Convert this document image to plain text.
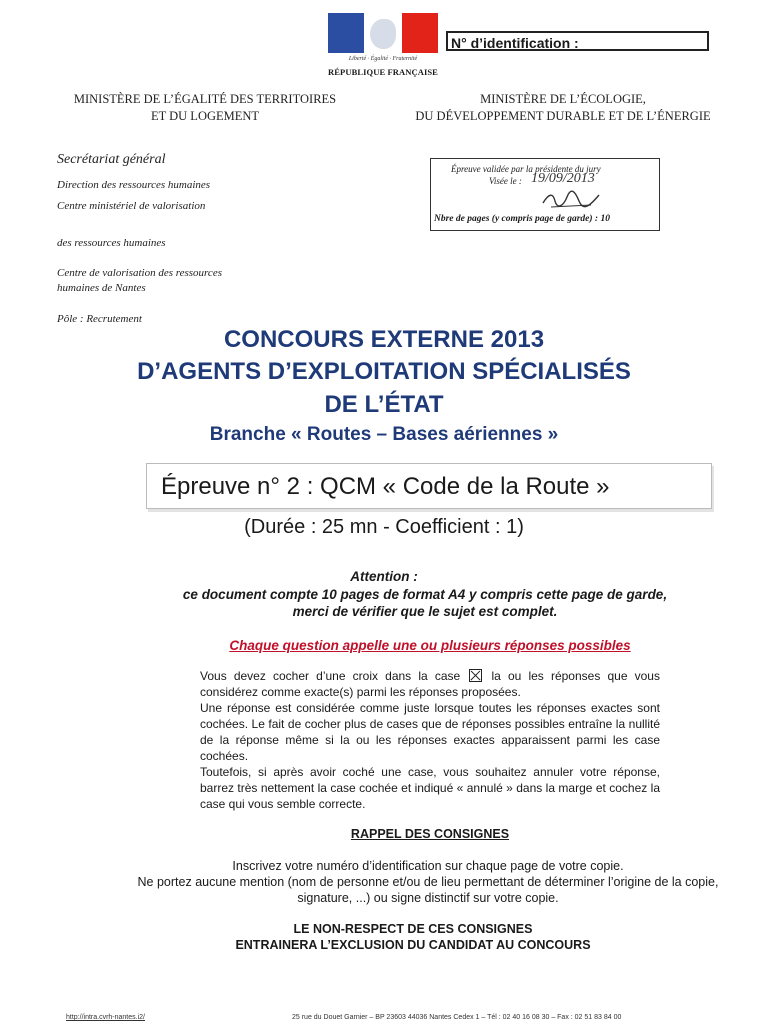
Liberté · Égalité · Fraternité
RÉPUBLIQUE FRANÇAISE
N° d’identification :
MINISTÈRE DE L’ÉGALITÉ DES TERRITOIRES
ET DU LOGEMENT
MINISTÈRE DE L’ÉCOLOGIE,
DU DÉVELOPPEMENT DURABLE ET DE L’ÉNERGIE
Secrétariat général
Direction des ressources humaines
Centre ministériel de valorisation
des ressources humaines
Centre de valorisation des ressources
humaines de Nantes
Pôle : Recrutement
Épreuve validée par la présidente du jury
Visée le : 19/09/2013
Nbre de pages (y compris page de garde) : 10
CONCOURS EXTERNE 2013
D’AGENTS D’EXPLOITATION SPÉCIALISÉS
DE L’ÉTAT
Branche « Routes – Bases aériennes »
Épreuve n° 2 : QCM « Code de la Route »
(Durée : 25 mn - Coefficient : 1)
Attention :
ce document compte 10 pages de format A4 y compris cette page de garde,
merci de vérifier que le sujet est complet.
Chaque question appelle une ou plusieurs réponses possibles
Vous devez cocher d’une croix dans la case	la ou les réponses que vous considérez comme exacte(s) parmi les réponses proposées.
Une réponse est considérée comme juste lorsque toutes les réponses exactes sont cochées. Le fait de cocher plus de cases que de réponses possibles entraîne la nullité de la réponse même si la ou les réponses exactes apparaissent parmi les case cochées.
Toutefois, si après avoir coché une case, vous souhaitez annuler votre réponse, barrez très nettement la case cochée et indiqué « annulé » dans la marge et cochez la case qui vous semble correcte.
RAPPEL DES CONSIGNES
Inscrivez votre numéro d’identification sur chaque page de votre copie.
Ne portez aucune mention (nom de personne et/ou de lieu permettant de déterminer l’origine de la copie, signature, ...) ou signe distinctif sur votre copie.
LE NON-RESPECT DE CES CONSIGNES
ENTRAINERA L’EXCLUSION DU CANDIDAT AU CONCOURS
http://intra.cvrh-nantes.i2/	25 rue du Douet Garnier – BP 23603 44036 Nantes Cedex 1 – Tél : 02 40 16 08 30 – Fax : 02 51 83 84 00
